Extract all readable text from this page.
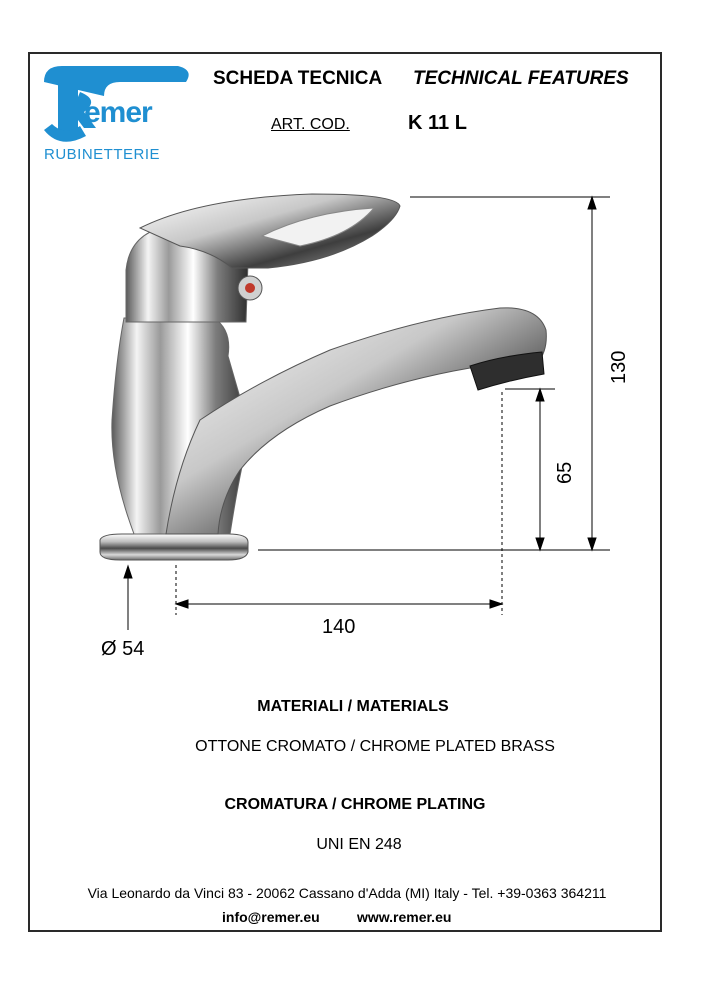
emer
RUBINETTERIE
SCHEDA TECNICA TECHNICAL FEATURES
ART. COD.	K 11 L
130
65
140
Ø 54
MATERIALI / MATERIALS
OTTONE CROMATO / CHROME PLATED BRASS
CROMATURA / CHROME PLATING
UNI EN 248
Via Leonardo da Vinci 83 - 20062 Cassano d'Adda (MI) Italy - Tel. +39-0363 364211
info@remer.eu	www.remer.eu
